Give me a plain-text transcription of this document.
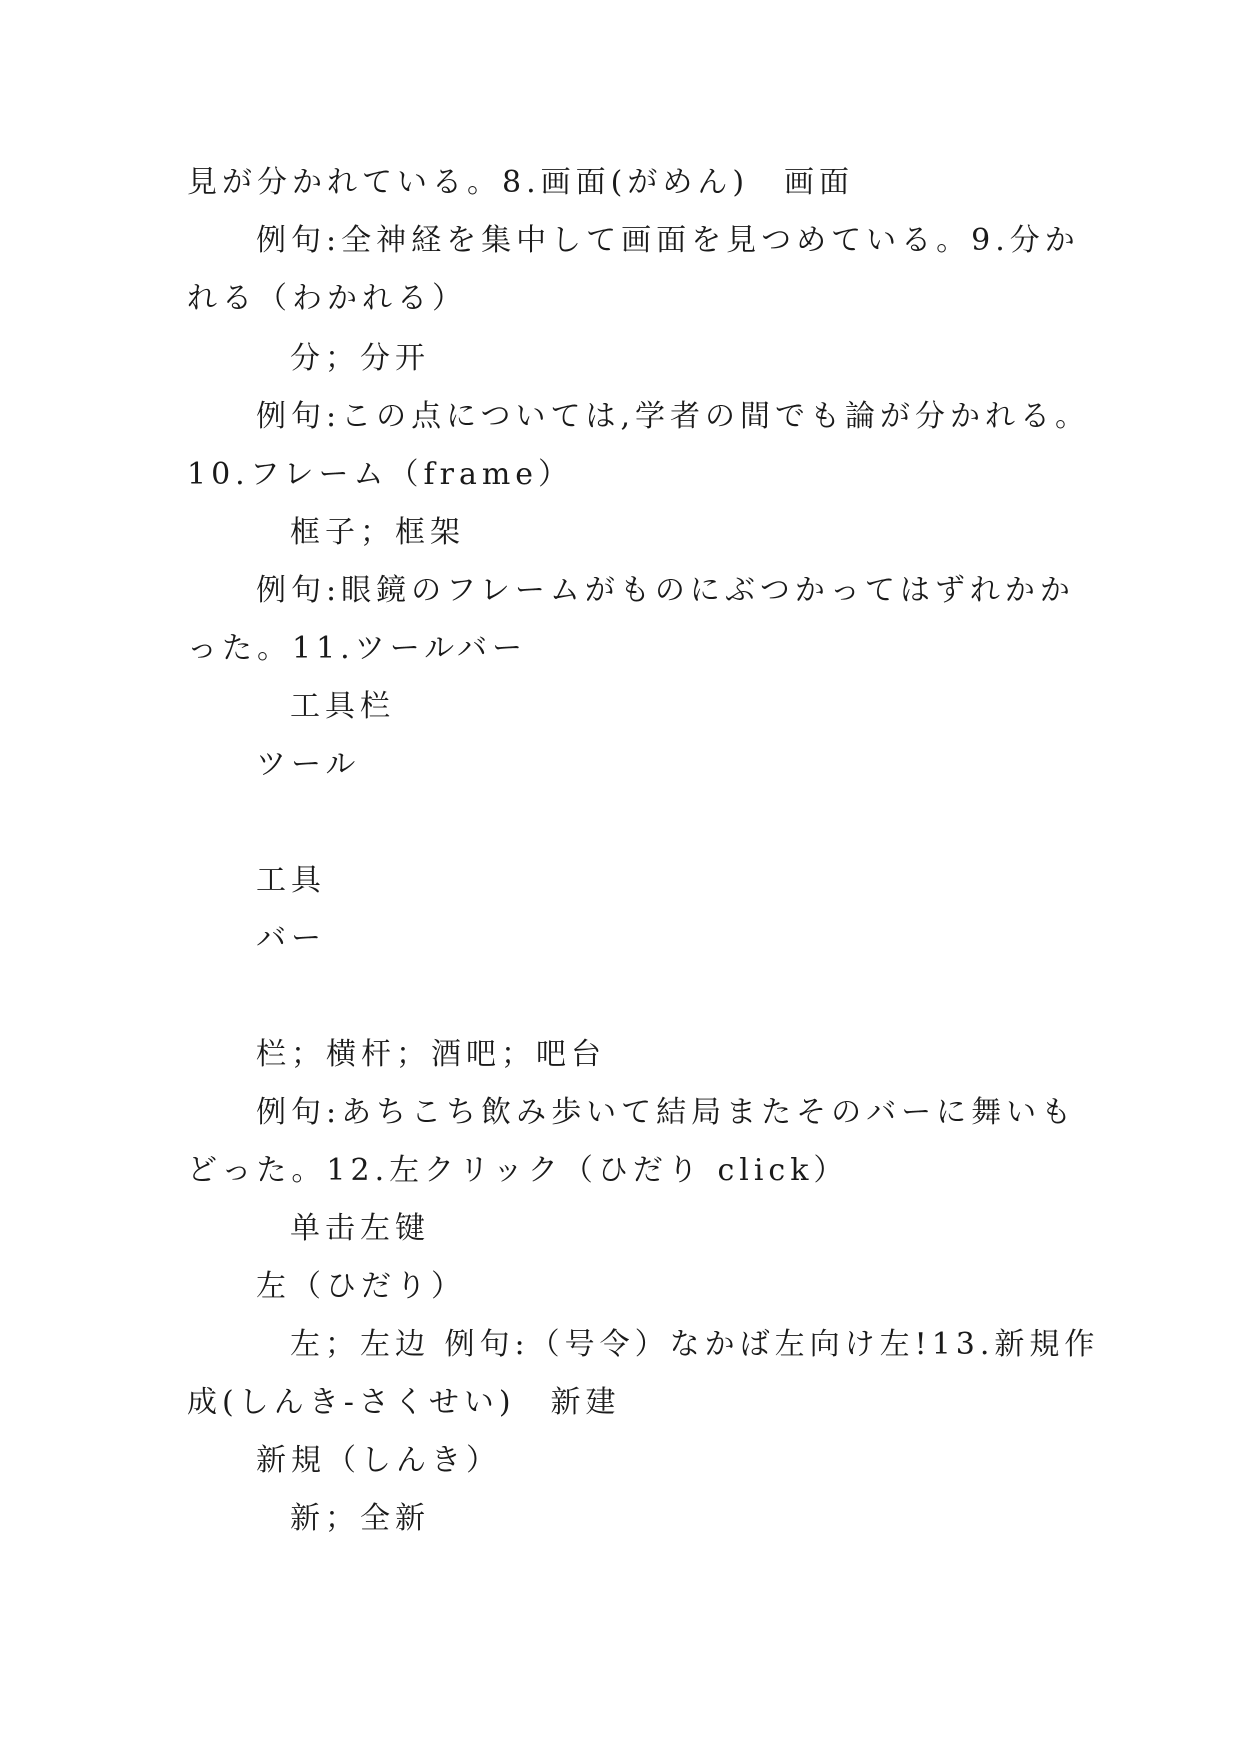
見が分かれている。8.画面(がめん)　画面
例句:全神経を集中して画面を見つめている。9.分か
れる（わかれる）
分；分开
例句:この点については,学者の間でも論が分かれる。
10.フレーム（frame）
框子；框架
例句:眼鏡のフレームがものにぶつかってはずれかか
った。11.ツールバー
工具栏
ツール
工具
バー
栏；横杆；酒吧；吧台
例句:あちこち飲み歩いて結局またそのバーに舞いも
どった。12.左クリック（ひだり click）
单击左键
左（ひだり）
左；左边 例句:（号令）なかば左向け左!13.新規作
成(しんき-さくせい)　新建
新規（しんき）
新；全新
